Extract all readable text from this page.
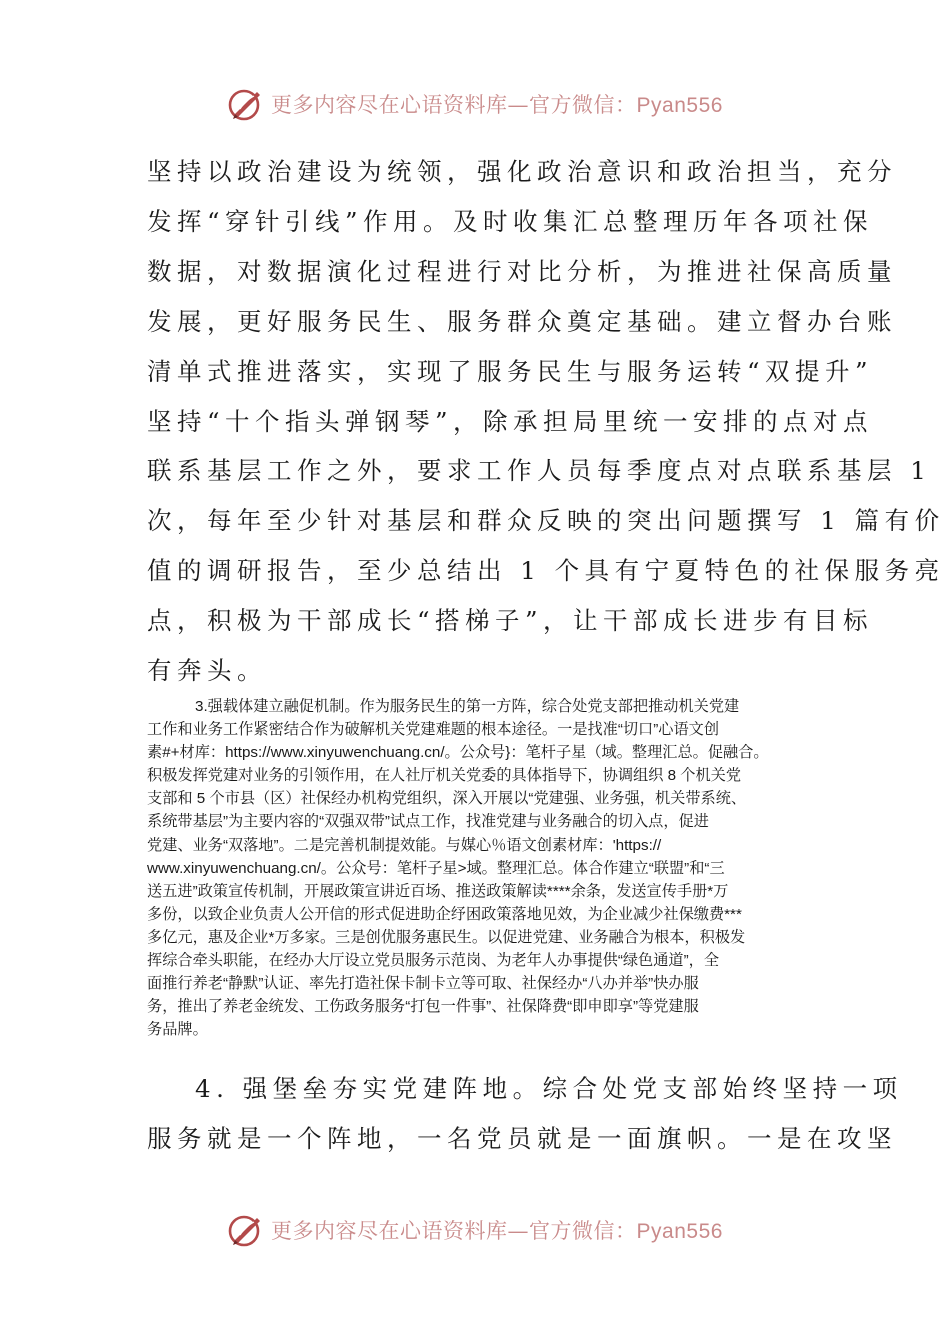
更多内容尽在心语资料库—官方微信：Pyan556
坚持以政治建设为统领，强化政治意识和政治担当，充分
发挥“穿针引线”作用。及时收集汇总整理历年各项社保
数据，对数据演化过程进行对比分析，为推进社保高质量
发展，更好服务民生、服务群众奠定基础。建立督办台账
清单式推进落实，实现了服务民生与服务运转“双提升”
坚持“十个指头弹钢琴”，除承担局里统一安排的点对点
联系基层工作之外，要求工作人员每季度点对点联系基层 1
次，每年至少针对基层和群众反映的突出问题撰写 1 篇有价
值的调研报告，至少总结出 1 个具有宁夏特色的社保服务亮
点，积极为干部成长“搭梯子”，让干部成长进步有目标
有奔头。
3.强载体建立融促机制。作为服务民生的第一方阵，综合处党支部把推动机关党建
工作和业务工作紧密结合作为破解机关党建难题的根本途径。一是找准“切口”心语文创
素#+材库：https://www.xinyuwenchuang.cn/。公众号}：笔杆子星（域。整理汇总。促融合。
积极发挥党建对业务的引领作用，在人社厅机关党委的具体指导下，协调组织 8 个机关党
支部和 5 个市县（区）社保经办机构党组织，深入开展以“党建强、业务强，机关带系统、
系统带基层”为主要内容的“双强双带”试点工作，找准党建与业务融合的切入点，促进
党建、业务“双落地”。二是完善机制提效能。与媒心％语文创素材库：'https://
www.xinyuwenchuang.cn/。公众号：笔杆子星>域。整理汇总。体合作建立“联盟”和“三
送五进”政策宣传机制，开展政策宣讲近百场、推送政策解读****余条，发送宣传手册*万
多份，以致企业负责人公开信的形式促进助企纾困政策落地见效，为企业减少社保缴费***
多亿元，惠及企业*万多家。三是创优服务惠民生。以促进党建、业务融合为根本，积极发
挥综合牵头职能，在经办大厅设立党员服务示范岗、为老年人办事提供“绿色通道”，全
面推行养老“静默”认证、率先打造社保卡制卡立等可取、社保经办“八办并举”快办服
务，推出了养老金统发、工伤政务服务“打包一件事”、社保降费“即申即享”等党建服
务品牌。
4. 强堡垒夯实党建阵地。综合处党支部始终坚持一项
服务就是一个阵地，一名党员就是一面旗帜。一是在攻坚
更多内容尽在心语资料库—官方微信：Pyan556
